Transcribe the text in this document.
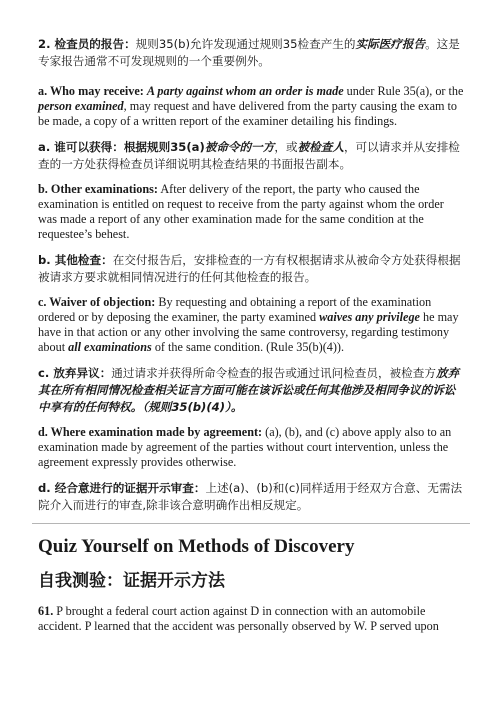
2. 检查员的报告：规则35(b)允许发现通过规则35检查产生的实际医疗报告。这是专家报告通常不可发现规则的一个重要例外。

a. Who may receive: A party against whom an order is made under Rule 35(a), or the person examined, may request and have delivered from the party causing the exam to be made, a copy of a written report of the examiner detailing his findings.

a. 谁可以获得：根据规则35(a)被命令的一方，或被检查人，可以请求并从安排检查的一方处获得检查员详细说明其检查结果的书面报告副本。

b. Other examinations: After delivery of the report, the party who caused the examination is entitled on request to receive from the party against whom the order was made a report of any other examination made for the same condition at the requestee’s behest.

b. 其他检查：在交付报告后，安排检查的一方有权根据请求从被命令方处获得根据被请求方要求就相同情况进行的任何其他检查的报告。

c. Waiver of objection: By requesting and obtaining a report of the examination ordered or by deposing the examiner, the party examined waives any privilege he may have in that action or any other involving the same controversy, regarding testimony about all examinations of the same condition. (Rule 35(b)(4)).

c. 放弃异议：通过请求并获得所命令检查的报告或通过讯问检查员，被检查方放弃其在所有相同情况检查相关证言方面可能在该诉讼或任何其他涉及相同争议的诉讼中享有的任何特权。（规则35(b)(4)）。

d. Where examination made by agreement: (a), (b), and (c) above apply also to an examination made by agreement of the parties without court intervention, unless the agreement expressly provides otherwise.

d. 经合意进行的证据开示审查：上述(a)、(b)和(c)同样适用于经双方合意、无需法院介入而进行的审查,除非该合意明确作出相反规定。

Quiz Yourself on Methods of Discovery
自我测验：证据开示方法

61. P brought a federal court action against D in connection with an automobile accident. P learned that the accident was personally observed by W. P served upon
